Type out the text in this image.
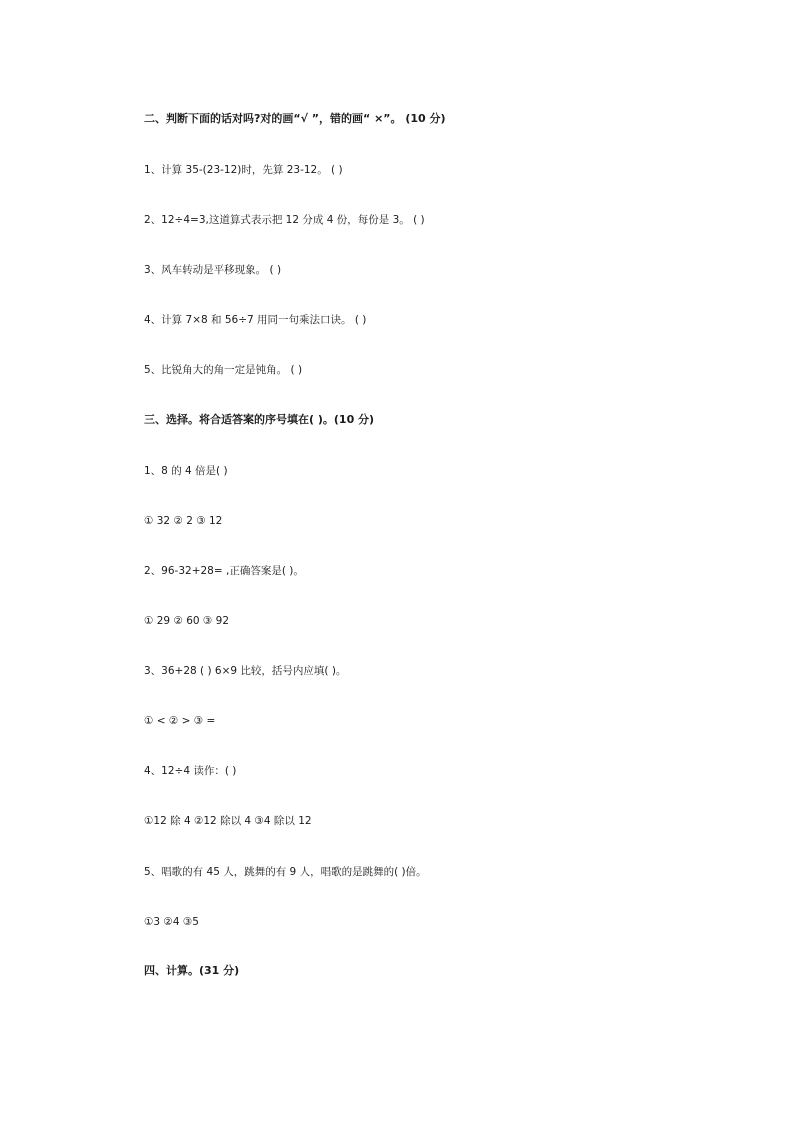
二、判断下面的话对吗?对的画“√ ”，错的画“ ×”。 (10 分)
1、计算 35-(23-12)时，先算 23-12。 ( )
2、12÷4=3,这道算式表示把 12 分成 4 份，每份是 3。 ( )
3、风车转动是平移现象。 ( )
4、计算 7×8 和 56÷7 用同一句乘法口诀。 ( )
5、比锐角大的角一定是钝角。 ( )
三、选择。将合适答案的序号填在( )。(10 分)
1、8 的 4 倍是( )
① 32 ② 2 ③ 12
2、96-32+28= ,正确答案是( )。
① 29 ② 60 ③ 92
3、36+28 ( ) 6×9 比较，括号内应填( )。
① < ② > ③ =
4、12÷4 读作：( )
①12 除 4 ②12 除以 4 ③4 除以 12
5、唱歌的有 45 人，跳舞的有 9 人，唱歌的是跳舞的( )倍。
①3 ②4 ③5
四、计算。(31 分)
